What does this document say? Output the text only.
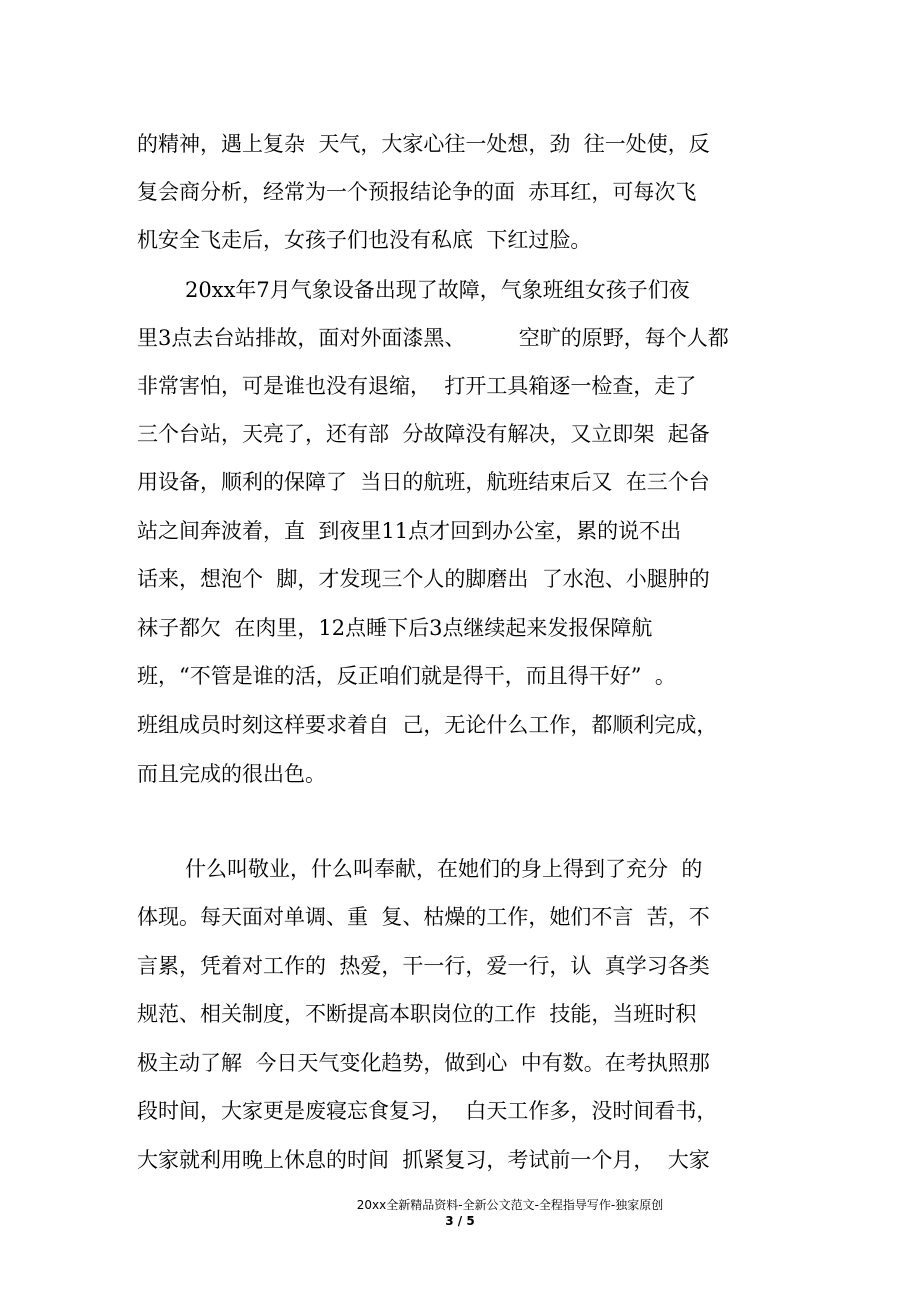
的精神，遇上复杂  天气，大家心往一处想，劲  往一处使，反
复会商分析，经常为一个预报结论争的面  赤耳红，可每次飞
机安全飞走后，女孩子们也没有私底  下红过脸。
20xx年7月气象设备出现了故障，气象班组女孩子们夜
里3点去台站排故，面对外面漆黑、        空旷的原野，每个人都
非常害怕，可是谁也没有退缩，  打开工具箱逐一检查，走了
三个台站，天亮了，还有部  分故障没有解决，又立即架  起备
用设备，顺利的保障了  当日的航班，航班结束后又  在三个台
站之间奔波着，直  到夜里11点才回到办公室，累的说不出
话来，想泡个  脚，才发现三个人的脚磨出  了水泡、小腿肿的
袜子都欠  在肉里，12点睡下后3点继续起来发报保障航
班，“不管是谁的活，反正咱们就是得干，而且得干好”  。
班组成员时刻这样要求着自  己，无论什么工作，都顺利完成，
而且完成的很出色。
什么叫敬业，什么叫奉献，在她们的身上得到了充分  的
体现。每天面对单调、重  复、枯燥的工作，她们不言  苦，不
言累，凭着对工作的  热爱，干一行，爱一行，认  真学习各类
规范、相关制度，不断提高本职岗位的工作  技能，当班时积
极主动了解  今日天气变化趋势，做到心  中有数。在考执照那
段时间，大家更是废寝忘食复习，  白天工作多，没时间看书，
大家就利用晚上休息的时间  抓紧复习，考试前一个月，  大家
20xx全新精品资料-全新公文范文-全程指导写作-独家原创
3 / 5
